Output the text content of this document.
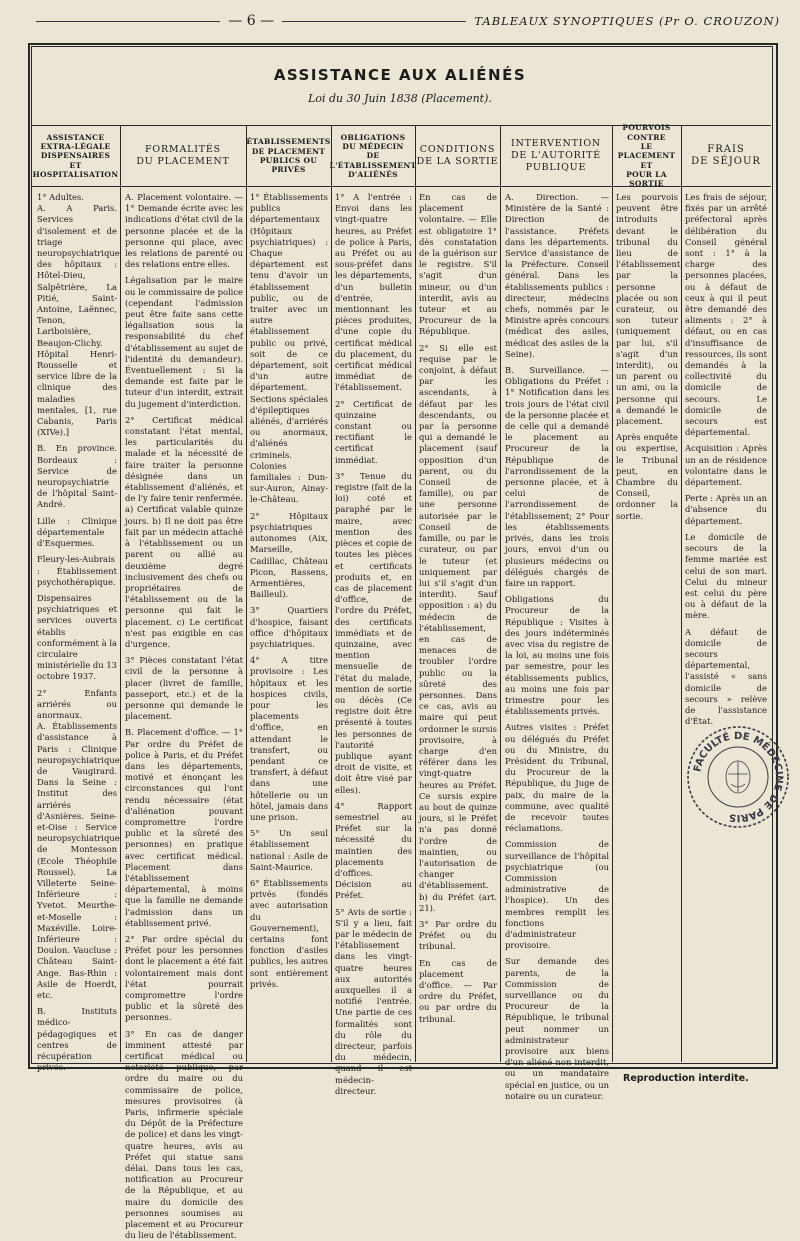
— 6 —	TABLEAUX SYNOPTIQUES (Pr O. CROUZON)
ASSISTANCE AUX ALIÉNÉS
Loi du 30 Juin 1838 (Placement).
ASSISTANCE
EXTRA-LÉGALE
DISPENSAIRES
ET HOSPITALISATION
FORMALITÉS
DU PLACEMENT
ÉTABLISSEMENTS
DE PLACEMENT
PUBLICS OU PRIVÉS
OBLIGATIONS
DU MÉDECIN
DE L'ÉTABLISSEMENT
D'ALIÉNÉS
CONDITIONS
DE LA SORTIE
INTERVENTION
DE L'AUTORITÉ
PUBLIQUE
POURVOIS CONTRE
LE PLACEMENT
ET
POUR LA SORTIE
FRAIS
DE SÉJOUR

1° Adultes.
A. A Paris. Services d'isolement et de triage neuropsychiatrique des hôpitaux : Hôtel-Dieu, Salpêtrière, La Pitié, Saint-Antoine, Laënnec, Tenon, Lariboisière, Beaujon-Clichy. Hôpital Henri-Rousselle et service libre de la clinique des maladies mentales, [1, rue Cabanis, Paris (XIVe).]

B. En province. Bordeaux : Service de neuropsychiatrie de l'hôpital Saint-André.

Lille : Clinique départementale d'Esquermes.

Fleury-les-Aubrais : Établissement psychothérapique.

Dispensaires psychiatriques et services ouverts établis conformément à la circulaire ministérielle du 13 octobre 1937.

2° Enfants arriérés ou anormaux.
A. Établissements d'assistance à Paris : Clinique neuropsychiatrique de Vaugirard. Dans la Seine : Institut des arriérés d'Asnières. Seine-et-Oise : Service neuropsychiatrique de Montesson (Ecole Théophile Roussel). La Villeterte Seine-Inférieure : Yvetot. Meurthe-et-Moselle : Maxéville. Loire-Inférieure : Doulon. Vaucluse : Château Saint-Ange. Bas-Rhin : Asile de Hoerdt, etc.

B. Instituts médico-pédagogiques et centres de récupération privés.

A. Placement volontaire. — 1° Demande écrite avec les indications d'état civil de la personne placée et de la personne qui place, avec les relations de parenté ou des relations entre elles.

Légalisation par le maire ou le commissaire de police (cependant l'admission peut être faite sans cette légalisation sous la responsabilité du chef d'établissement au sujet de l'identité du demandeur). Éventuellement : Si la demande est faite par le tuteur d'un interdit, extrait du jugement d'interdiction.

2° Certificat médical constatant l'état mental, les particularités du malade et la nécessité de faire traiter la personne désignée dans un établissement d'aliénés, et de l'y faire tenir renfermée. a) Certificat valable quinze jours. b) Il ne doit pas être fait par un médecin attaché à l'établissement ou un parent ou allié au deuxième degré inclusivement des chefs ou propriétaires de l'établissement ou de la personne qui fait le placement. c) Le certificat n'est pas exigible en cas d'urgence.

3° Pièces constatant l'état civil de la personne à placer (livret de famille, passeport, etc.) et de la personne qui demande le placement.

B. Placement d'office. — 1° Par ordre du Préfet de police à Paris, et du Préfet dans les départements, motivé et énonçant les circonstances qui l'ont rendu nécessaire (état d'aliénation pouvant compromettre l'ordre public et la sûreté des personnes) en pratique avec certificat médical. Placement dans l'établissement départemental, à moins que la famille ne demande l'admission dans un établissement privé.

2° Par ordre spécial du Préfet pour les personnes dont le placement a été fait volontairement mais dont l'état pourrait compromettre l'ordre public et la sûreté des personnes.

3° En cas de danger imminent attesté par certificat médical ou notoriété publique, par ordre du maire ou du commissaire de police, mesures provisoires (à Paris, infirmerie spéciale du Dépôt de la Préfecture de police) et dans les vingt-quatre heures, avis au Préfet qui statue sans délai. Dans tous les cas, notification au Procureur de la République, et au maire du domicile des personnes soumises au placement et au Procureur du lieu de l'établissement.

1° Établissements publics départementaux (Hôpitaux psychiatriques) : Chaque département est tenu d'avoir un établissement public, ou de traiter avec un autre établissement public ou privé, soit de ce département, soit d'un autre département. Sections spéciales d'épileptiques aliénés, d'arriérés ou anormaux, d'aliénés criminels. Colonies familiales : Dun-sur-Auron, Ainay-le-Château.

2° Hôpitaux psychiatriques autonomes (Aix, Marseille, Cadillac, Château Picon, Rassens, Armentières, Bailleul).

3° Quartiers d'hospice, faisant office d'hôpitaux psychiatriques.

4° A titre provisoire : Les hôpitaux et les hospices civils, pour les placements d'office, en attendant le transfert, ou pendant ce transfert, à défaut dans une hôtellerie ou un hôtel, jamais dans une prison.

5° Un seul établissement national : Asile de Saint-Maurice.

6° Établissements privés (fondés avec autorisation du Gouvernement), certains font fonction d'asiles publics, les autres sont entièrement privés.

1° A l'entrée : Envoi dans les vingt-quatre heures, au Préfet de police à Paris, au Préfet ou au sous-préfet dans les départements, d'un bulletin d'entrée, mentionnant les pièces produites, d'une copie du certificat médical du placement, du certificat médical immédiat de l'établissement.

2° Certificat de quinzaine constant ou rectifiant le certificat immédiat.

3° Tenue du registre (fait de la loi) coté et paraphé par le maire, avec mention des pièces et copie de toutes les pièces et certificats produits et, en cas de placement d'office, de l'ordre du Préfet, des certificats immédiats et de quinzaine, avec mention mensuelle de l'état du malade, mention de sortie ou décès (Ce registre doit être présenté à toutes les personnes de l'autorité publique ayant droit de visite, et doit être visé par elles).

4° Rapport semestriel au Préfet sur la nécessité du maintien des placements d'offices. Décision au Préfet.

5° Avis de sortie : S'il y a lieu, fait par le médecin de l'établissement dans les vingt-quatre heures aux autorités auxquelles il a notifié l'entrée. Une partie de ces formalités sont du rôle du directeur, parfois du médecin, quand il est médecin-directeur.

En cas de placement volontaire. — Elle est obligatoire 1° dès constatation de la guérison sur le registre. S'il s'agit d'un mineur, ou d'un interdit, avis au tuteur et au Procureur de la République.

2° Si elle est requise par le conjoint, à défaut par les ascendants, à défaut par les descendants, ou par la personne qui a demandé le placement (sauf opposition d'un parent, ou du Conseil de famille), ou par une personne autorisée par le Conseil de famille, ou par le curateur, ou par le tuteur (et uniquement par lui s'il s'agit d'un interdit). Sauf opposition : a) du médecin de l'établissement, en cas de menaces de troubler l'ordre public ou la sûreté des personnes. Dans ce cas, avis au maire qui peut ordonner le sursis provisoire, à charge d'en référer dans les vingt-quatre heures au Préfet. Ce sursis expire au bout de quinze jours, si le Préfet n'a pas donné l'ordre de maintien, ou l'autorisation de changer d'établissement. b) du Préfet (art. 21).

3° Par ordre du Préfet ou du tribunal.

En cas de placement d'office. — Par ordre du Préfet, ou par ordre du tribunal.

A. Direction. — Ministère de la Santé : Direction de l'assistance. Préfets dans les départements. Service d'assistance de la Préfecture. Conseil général. Dans les établissements publics : directeur, médecins chefs, nommés par le Ministre après concours (médicat des asiles, médicat des asiles de la Seine).

B. Surveillance. — Obligations du Préfet : 1° Notification dans les trois jours de l'état civil de la personne placée et de celle qui a demandé le placement au Procureur de la République de l'arrondissement de la personne placée, et à celui de l'arrondissement de l'établissement; 2° Pour les établissements privés, dans les trois jours, envoi d'un ou plusieurs médecins ou délégués chargés de faire un rapport.

Obligations du Procureur de la République : Visites à des jours indéterminés avec visa du registre de la loi, au moins une fois par semestre, pour les établissements publics, au moins une fois par trimestre pour les établissements privés.

Autres visites : Préfet ou délégués du Préfet ou du Ministre, du Président du Tribunal, du Procureur de la République, du Juge de paix, du maire de la commune, avec qualité de recevoir toutes réclamations.

Commission de surveillance de l'hôpital psychiatrique (ou Commission administrative de l'hospice). Un des membres remplit les fonctions d'administrateur provisoire.

Sur demande des parents, de la Commission de surveillance ou du Procureur de la République, le tribunal peut nommer un administrateur provisoire aux biens d'un aliéné non interdit, ou un mandataire spécial en justice, ou un notaire ou un curateur.

Les pourvois peuvent être introduits devant le tribunal du lieu de l'établissement, par la personne placée ou son curateur, ou son tuteur (uniquement par lui, s'il s'agit d'un interdit), ou un parent ou un ami, ou la personne qui a demandé le placement.

Après enquête ou expertise, le Tribunal peut, en Chambre du Conseil, ordonner la sortie.

Les frais de séjour, fixés par un arrêté préfectoral après délibération du Conseil général sont : 1° à la charge des personnes placées, ou à défaut de ceux à qui il peut être demandé des aliments : 2° à défaut, ou en cas d'insuffisance de ressources, ils sont demandés à la collectivité du domicile de secours. Le domicile de secours est départemental.

Acquisition : Après un an de résidence volontaire dans le département.

Perte : Après un an d'absence du département.

Le domicile de secours de la femme mariée est celui de son mari. Celui du mineur est celui du père ou à défaut de la mère.

A défaut de domicile de secours départemental, l'assisté « sans domicile de secours » relève de l'assistance d'État.

FACULTÉ DE MÉDECINE DE PARIS
Reproduction interdite.
